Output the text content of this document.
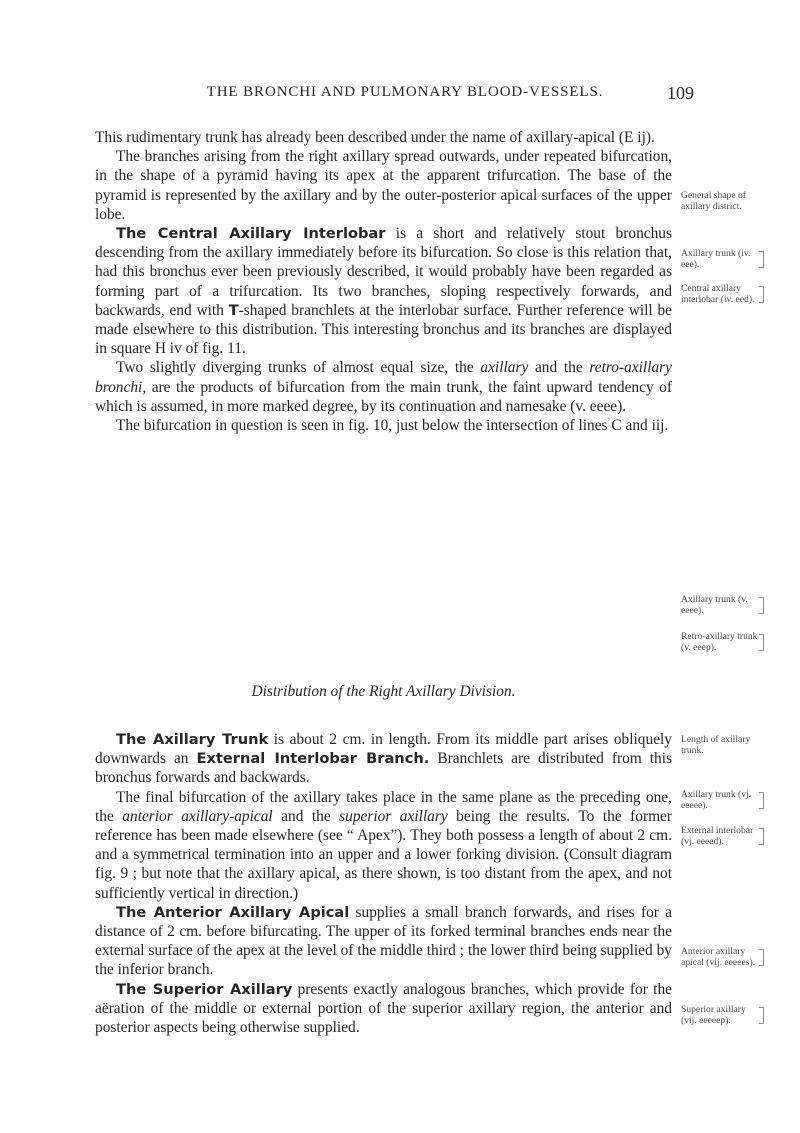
THE BRONCHI AND PULMONARY BLOOD-VESSELS.	109

This rudimentary trunk has already been described under the name of axillary-apical (E ij).

The branches arising from the right axillary spread outwards, under repeated bifurcation, in the shape of a pyramid having its apex at the apparent trifurcation. The base of the pyramid is represented by the axillary and by the outer-posterior apical surfaces of the upper lobe.

The Central Axillary Interlobar is a short and relatively stout bronchus descending from the axillary immediately before its bifurcation. So close is this relation that, had this bronchus ever been previously described, it would probably have been regarded as forming part of a trifurcation. Its two branches, sloping respectively forwards, and backwards, end with T-shaped branchlets at the interlobar surface. Further reference will be made elsewhere to this distribution. This interesting bronchus and its branches are displayed in square H iv of fig. 11.

Two slightly diverging trunks of almost equal size, the axillary and the retro-axillary bronchi, are the products of bifurcation from the main trunk, the faint upward tendency of which is assumed, in more marked degree, by its continuation and namesake (v. eeee).

The bifurcation in question is seen in fig. 10, just below the intersection of lines C and iij.

Distribution of the Right Axillary Division.

The Axillary Trunk is about 2 cm. in length. From its middle part arises obliquely downwards an External Interlobar Branch. Branchlets are distributed from this bronchus forwards and backwards.

The final bifurcation of the axillary takes place in the same plane as the preceding one, the anterior axillary-apical and the superior axillary being the results. To the former reference has been made elsewhere (see “ Apex”). They both possess a length of about 2 cm. and a symmetrical termination into an upper and a lower forking division. (Consult diagram fig. 9 ; but note that the axillary apical, as there shown, is too distant from the apex, and not sufficiently vertical in direction.)

The Anterior Axillary Apical supplies a small branch forwards, and rises for a distance of 2 cm. before bifurcating. The upper of its forked terminal branches ends near the external surface of the apex at the level of the middle third ; the lower third being supplied by the inferior branch.

The Superior Axillary presents exactly analogous branches, which provide for the aëration of the middle or external portion of the superior axillary region, the anterior and posterior aspects being otherwise supplied.

General shape of axillary district.
Axillary trunk (iv. eee).
Central axillary interlobar (iv. eed).
Axillary trunk (v. eeee).
Retro-axillary trunk (v. eeep).
Length of axillary trunk.
Axillary trunk (vj. eeeee).
External interlobar (vj. eeeed).
Anterior axillary apical (vij. eeeees).
Superior axillary (vij. eeeeep).
